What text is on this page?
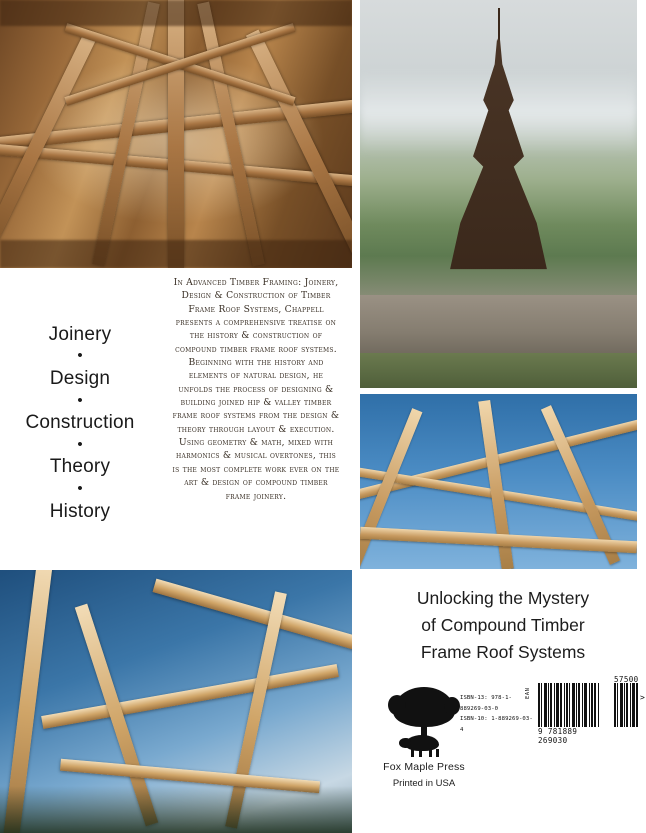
Joinery
•
Design
•
Construction
•
Theory
•
History
In Advanced Timber Framing: Joinery, Design & Construction of Timber Frame Roof Systems, Chappell presents a comprehensive treatise on the history & construction of compound timber frame roof systems. Beginning with the history and elements of natural design, he unfolds the process of designing & building joined hip & valley timber frame roof systems from the design & theory through layout & execution. Using geometry & math, mixed with harmonics & musical overtones, this is the most complete work ever on the art & design of compound timber frame joinery.
Unlocking the Mystery
of Compound Timber
Frame Roof Systems
Fox Maple Press
Printed in USA
ISBN-13: 978-1-889269-03-0
ISBN-10: 1-889269-03-4
EAN
9 781889 269030
57500
>
